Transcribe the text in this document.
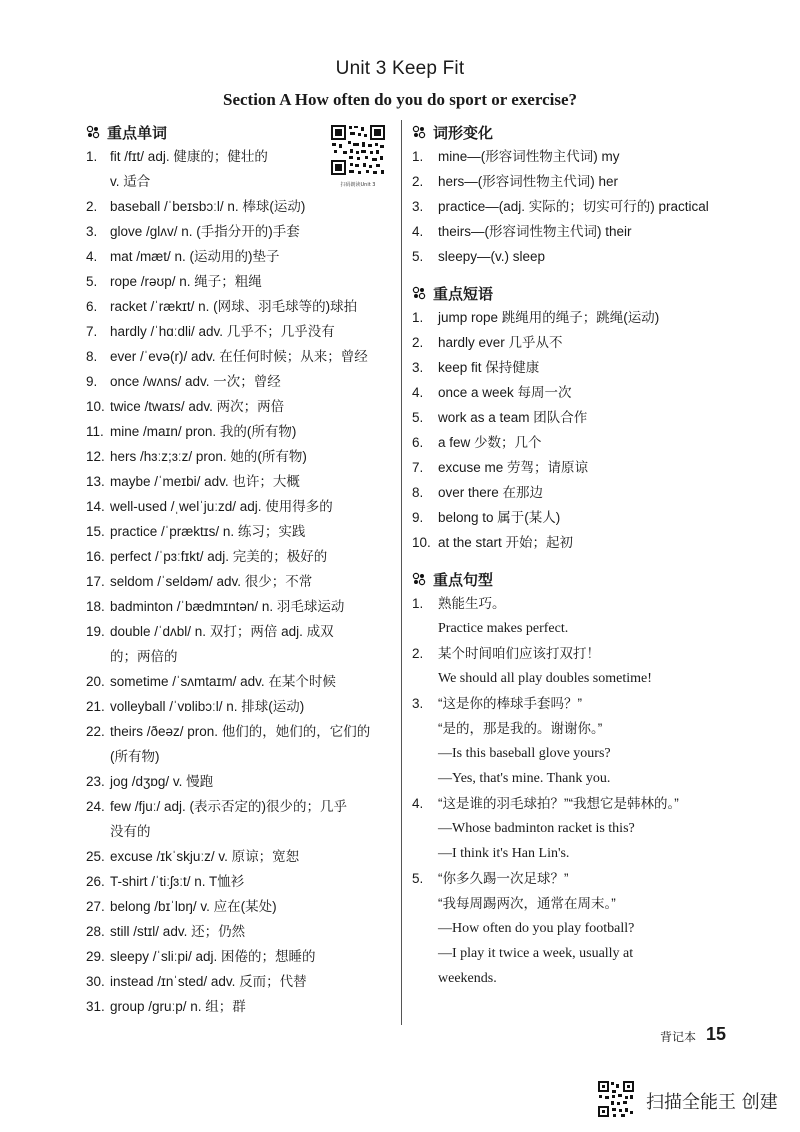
Unit 3 Keep Fit
Section A How often do you do sport or exercise?
扫码朗读Unit 3
重点单词
1. fit /fɪt/ adj. 健康的；健壮的
v. 适合
2. baseball /ˈbeɪsbɔːl/ n. 棒球(运动)
3. glove /ɡlʌv/ n. (手指分开的)手套
4. mat /mæt/ n. (运动用的)垫子
5. rope /rəʊp/ n. 绳子；粗绳
6. racket /ˈrækɪt/ n. (网球、羽毛球等的)球拍
7. hardly /ˈhɑːdli/ adv. 几乎不；几乎没有
8. ever /ˈevə(r)/ adv. 在任何时候；从来；曾经
9. once /wʌns/ adv. 一次；曾经
10. twice /twaɪs/ adv. 两次；两倍
11. mine /maɪn/ pron. 我的(所有物)
12. hers /hɜːz;ɜːz/ pron. 她的(所有物)
13. maybe /ˈmeɪbi/ adv. 也许；大概
14. well-used /ˌwelˈjuːzd/ adj. 使用得多的
15. practice /ˈpræktɪs/ n. 练习；实践
16. perfect /ˈpɜːfɪkt/ adj. 完美的；极好的
17. seldom /ˈseldəm/ adv. 很少；不常
18. badminton /ˈbædmɪntən/ n. 羽毛球运动
19. double /ˈdʌbl/ n. 双打；两倍 adj. 成双
的；两倍的
20. sometime /ˈsʌmtaɪm/ adv. 在某个时候
21. volleyball /ˈvɒlibɔːl/ n. 排球(运动)
22. theirs /ðeəz/ pron. 他们的，她们的，它们的
(所有物)
23. jog /dʒɒɡ/ v. 慢跑
24. few /fjuː/ adj. (表示否定的)很少的；几乎
没有的
25. excuse /ɪkˈskjuːz/ v. 原谅；宽恕
26. T-shirt /ˈtiːʃɜːt/ n. T恤衫
27. belong /bɪˈlɒŋ/ v. 应在(某处)
28. still /stɪl/ adv. 还；仍然
29. sleepy /ˈsliːpi/ adj. 困倦的；想睡的
30. instead /ɪnˈsted/ adv. 反而；代替
31. group /ɡruːp/ n. 组；群
词形变化
1.	mine—(形容词性物主代词) my
2.	hers—(形容词性物主代词) her
3.	practice—(adj. 实际的；切实可行的) practical
4.	theirs—(形容词性物主代词) their
5.	sleepy—(v.) sleep
重点短语
1.	jump rope 跳绳用的绳子；跳绳(运动)
2.	hardly ever 几乎从不
3.	keep fit 保持健康
4.	once a week 每周一次
5.	work as a team 团队合作
6.	a few 少数；几个
7.	excuse me 劳驾；请原谅
8.	over there 在那边
9.	belong to 属于(某人)
10. at the start 开始；起初
重点句型
1.	熟能生巧。
Practice makes perfect.
2.	某个时间咱们应该打双打！
We should all play doubles sometime!
3.	“这是你的棒球手套吗？”
“是的，那是我的。谢谢你。”
—Is this baseball glove yours?
—Yes, that's mine. Thank you.
4.	“这是谁的羽毛球拍？”“我想它是韩林的。”
—Whose badminton racket is this?
—I think it's Han Lin's.
5.	“你多久踢一次足球？”
“我每周踢两次，通常在周末。”
—How often do you play football?
—I play it twice a week, usually at
weekends.
背记本 15
扫描全能王 创建
